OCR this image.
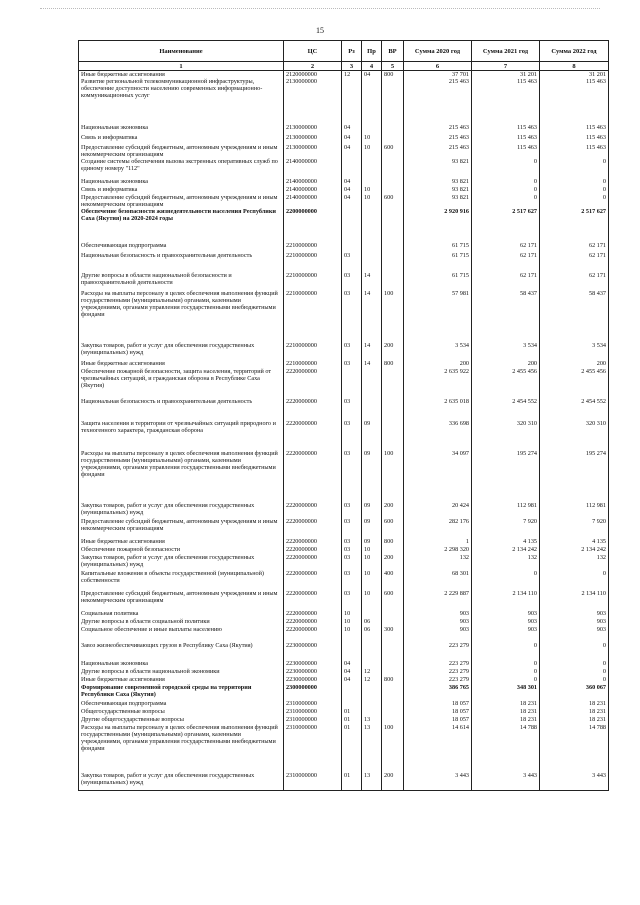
15
Наименование	ЦС	Рз	Пр	ВР	Сумма 2020 год	Сумма 2021 год	Сумма 2022 год
1	2	3	4	5	6	7	8
Иные бюджетные ассигнования	2120000000	12	04	800	37 701	31 201	31 201
Развитие региональной телекоммуникационной инфраструктуры, обеспечение доступности населению современных информационно-коммуникационных услуг	2130000000				215 463	115 463	115 463
Национальная экономика	2130000000	04			215 463	115 463	115 463
Связь и информатика	2130000000	04	10		215 463	115 463	115 463
Предоставление субсидий бюджетным, автономным учреждениям и иным некоммерческим организациям	2130000000	04	10	600	215 463	115 463	115 463
Создание системы обеспечения вызова экстренных оперативных служб по единому номеру "112"	2140000000				93 821	0	0
Национальная экономика	2140000000	04			93 821	0	0
Связь и информатика	2140000000	04	10		93 821	0	0
Предоставление субсидий бюджетным, автономным учреждениям и иным некоммерческим организациям	2140000000	04	10	600	93 821	0	0
Обеспечение безопасности жизнедеятельности населения Республики Саха (Якутия) на 2020-2024 годы	2200000000				2 920 916	2 517 627	2 517 627
Обеспечивающая подпрограмма	2210000000				61 715	62 171	62 171
Национальная безопасность и правоохранительная деятельность	2210000000	03			61 715	62 171	62 171
Другие вопросы в области национальной безопасности и правоохранительной деятельности	2210000000	03	14		61 715	62 171	62 171
Расходы на выплаты персоналу в целях обеспечения выполнения функций государственными (муниципальными) органами, казенными учреждениями, органами управления государственными внебюджетными фондами	2210000000	03	14	100	57 981	58 437	58 437
Закупка товаров, работ и услуг для обеспечения государственных (муниципальных) нужд	2210000000	03	14	200	3 534	3 534	3 534
Иные бюджетные ассигнования	2210000000	03	14	800	200	200	200
Обеспечение пожарной безопасности, защита населения, территорий от чрезвычайных ситуаций, и гражданская оборона в Республике Саха (Якутия)	2220000000				2 635 922	2 455 456	2 455 456
Национальная безопасность и правоохранительная деятельность	2220000000	03			2 635 018	2 454 552	2 454 552
Защита населения и территории от чрезвычайных ситуаций природного и техногенного характера, гражданская оборона	2220000000	03	09		336 698	320 310	320 310
Расходы на выплаты персоналу в целях обеспечения выполнения функций государственными (муниципальными) органами, казенными учреждениями, органами управления государственными внебюджетными фондами	2220000000	03	09	100	34 097	195 274	195 274
Закупка товаров, работ и услуг для обеспечения государственных (муниципальных) нужд	2220000000	03	09	200	20 424	112 981	112 981
Предоставление субсидий бюджетным, автономным учреждениям и иным некоммерческим организациям	2220000000	03	09	600	282 176	7 920	7 920
Иные бюджетные ассигнования	2220000000	03	09	800	1	4 135	4 135
Обеспечение пожарной безопасности	2220000000	03	10		2 298 320	2 134 242	2 134 242
Закупка товаров, работ и услуг для обеспечения государственных (муниципальных) нужд	2220000000	03	10	200	132	132	132
Капитальные вложения в объекты государственной (муниципальной) собственности	2220000000	03	10	400	68 301	0	0
Предоставление субсидий бюджетным, автономным учреждениям и иным некоммерческим организациям	2220000000	03	10	600	2 229 887	2 134 110	2 134 110
Социальная политика	2220000000	10			903	903	903
Другие вопросы в области социальной политики	2220000000	10	06		903	903	903
Социальное обеспечение и иные выплаты населению	2220000000	10	06	300	903	903	903
Завоз жизнеобеспечивающих грузов в Республику Саха (Якутия)	2230000000				223 279	0	0
Национальная экономика	2230000000	04			223 279	0	0
Другие вопросы в области национальной экономики	2230000000	04	12		223 279	0	0
Иные бюджетные ассигнования	2230000000	04	12	800	223 279	0	0
Формирование современной городской среды на территории Республики Саха (Якутия)	2300000000				386 765	348 301	360 067
Обеспечивающая подпрограмма	2310000000				18 057	18 231	18 231
Общегосударственные вопросы	2310000000	01			18 057	18 231	18 231
Другие общегосударственные вопросы	2310000000	01	13		18 057	18 231	18 231
Расходы на выплаты персоналу в целях обеспечения выполнения функций государственными (муниципальными) органами, казенными учреждениями, органами управления государственными внебюджетными фондами	2310000000	01	13	100	14 614	14 788	14 788
Закупка товаров, работ и услуг для обеспечения государственных (муниципальных) нужд	2310000000	01	13	200	3 443	3 443	3 443
